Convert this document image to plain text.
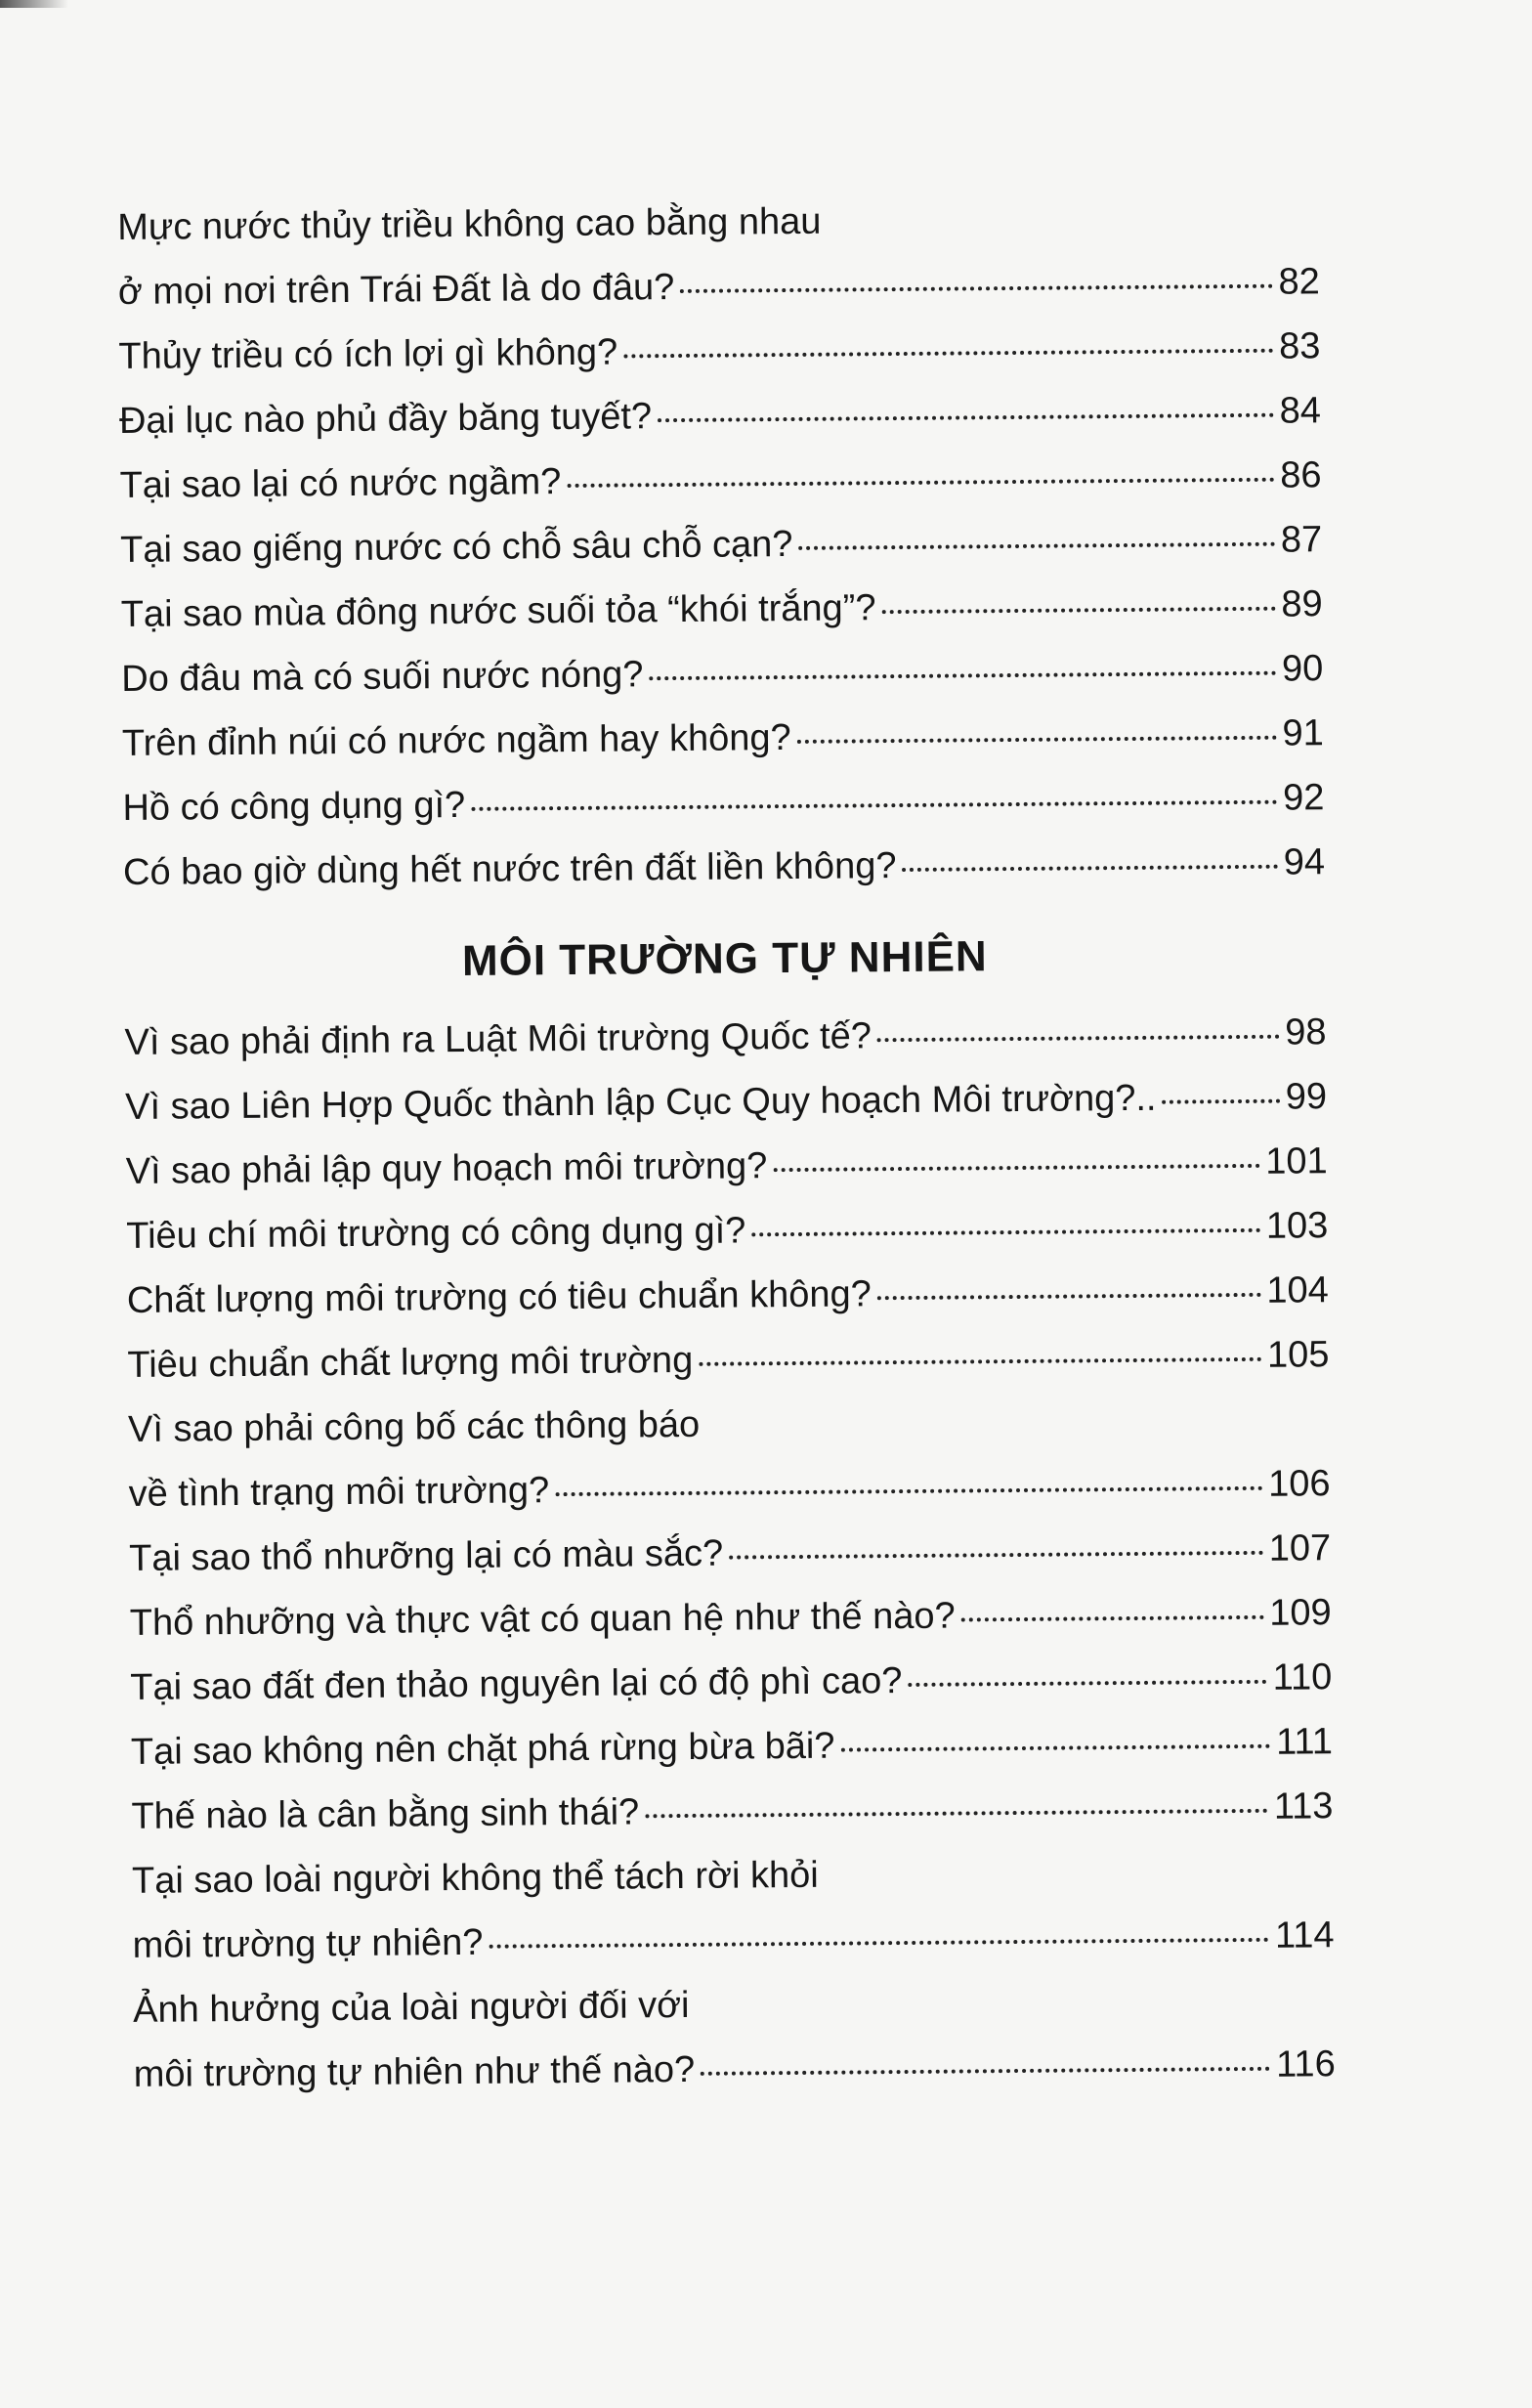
Mực nước thủy triều không cao bằng nhau
ở mọi nơi trên Trái Đất là do đâu?	82
Thủy triều có ích lợi gì không?	83
Đại lục nào phủ đầy băng tuyết?	84
Tại sao lại có nước ngầm?	86
Tại sao giếng nước có chỗ sâu chỗ cạn?	87
Tại sao mùa đông nước suối tỏa “khói trắng”?	89
Do đâu mà có suối nước nóng?	90
Trên đỉnh núi có nước ngầm hay không?	91
Hồ có công dụng gì?	92
Có bao giờ dùng hết nước trên đất liền không?	94
MÔI TRƯỜNG TỰ NHIÊN
Vì sao phải định ra Luật Môi trường Quốc tế?	98
Vì sao Liên Hợp Quốc thành lập Cục Quy hoạch Môi trường?..	99
Vì sao phải lập quy hoạch môi trường?	101
Tiêu chí môi trường có công dụng gì?	103
Chất lượng môi trường có tiêu chuẩn không?	104
Tiêu chuẩn chất lượng môi trường	105
Vì sao phải công bố các thông báo
về tình trạng môi trường?	106
Tại sao thổ nhưỡng lại có màu sắc?	107
Thổ nhưỡng và thực vật có quan hệ như thế nào?	109
Tại sao đất đen thảo nguyên lại có độ phì cao?	110
Tại sao không nên chặt phá rừng bừa bãi?	111
Thế nào là cân bằng sinh thái?	113
Tại sao loài người không thể tách rời khỏi
môi trường tự nhiên?	114
Ảnh hưởng của loài người đối với
môi trường tự nhiên như thế nào?	116
